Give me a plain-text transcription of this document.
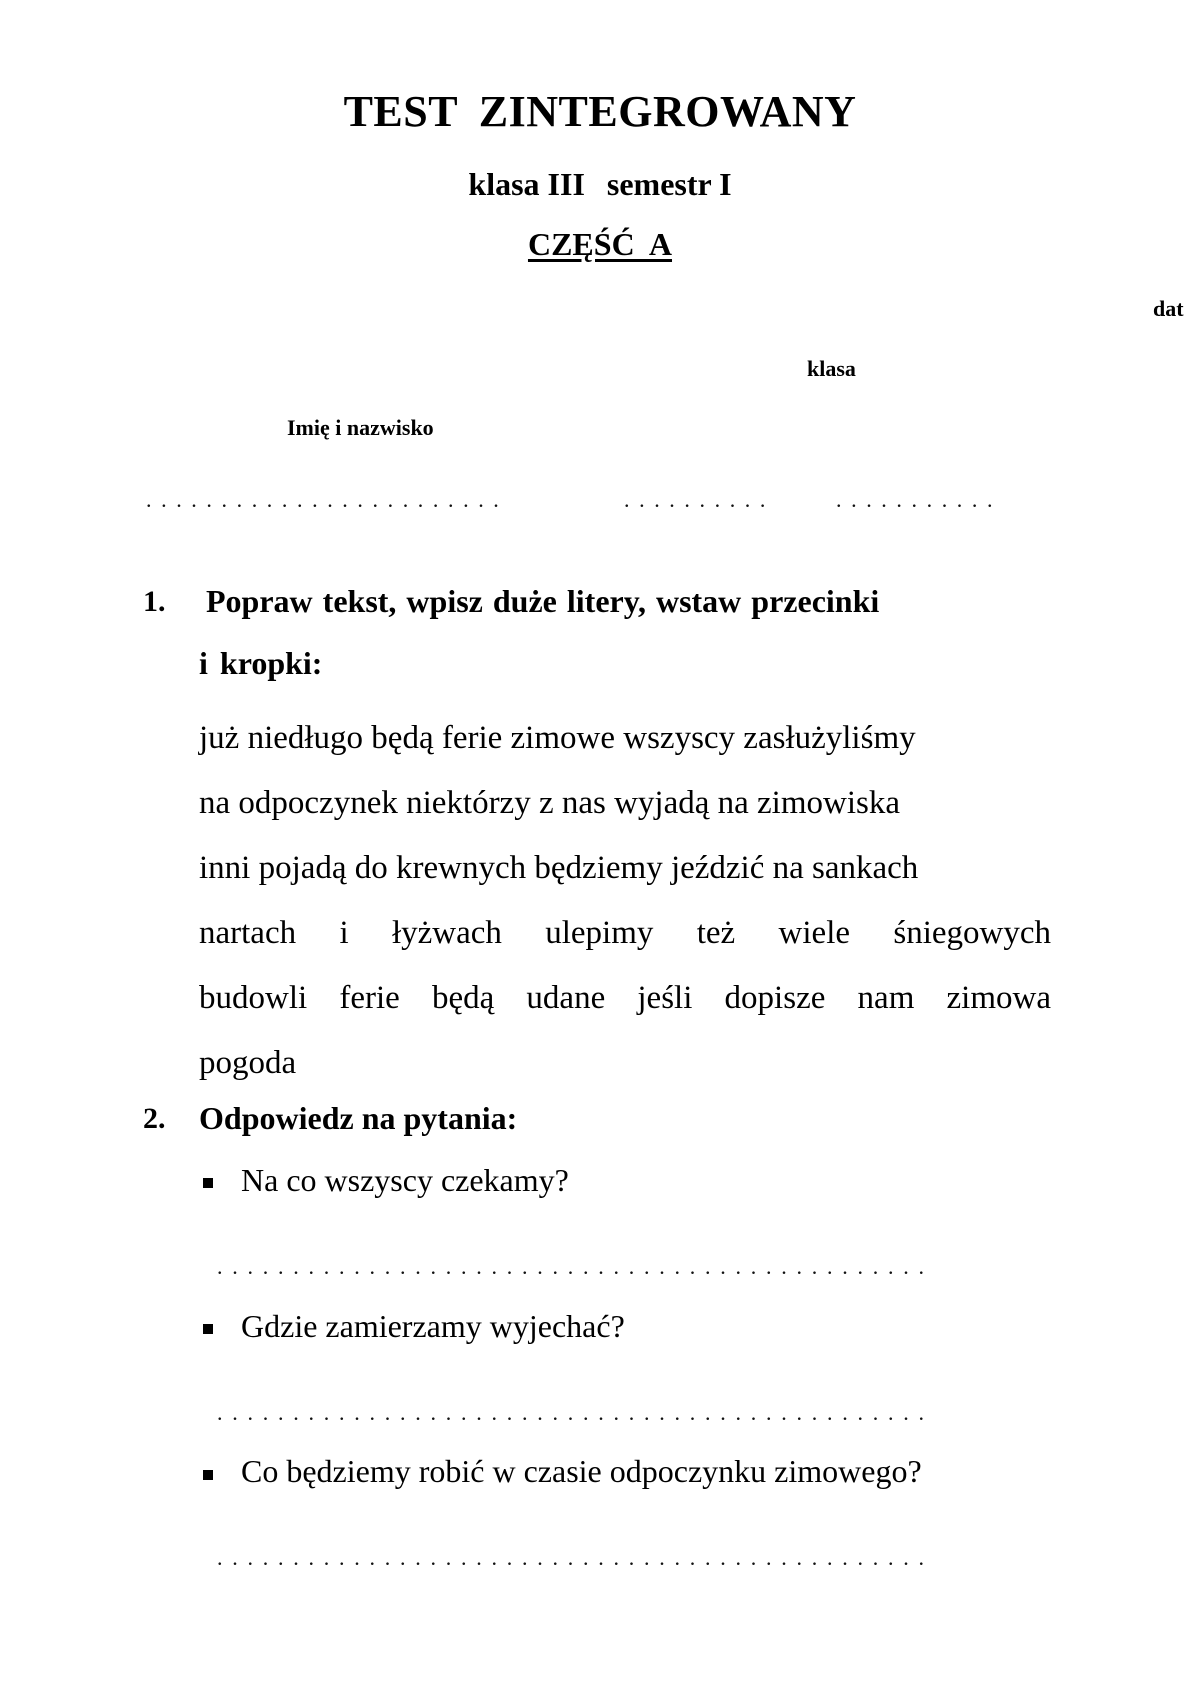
TEST ZINTEGROWANY
klasa III semestr I
CZĘŚĆ A
dat
klasa
Imię i nazwisko
........................	..........	...........
1. Popraw tekst, wpisz duże litery, wstaw przecinki
i kropki:
już niedługo będą ferie zimowe wszyscy zasłużyliśmy
na odpoczynek niektórzy z nas wyjadą na zimowiska
inni pojadą do krewnych będziemy jeździć na sankach
nartach i łyżwach ulepimy też wiele śniegowych
budowli ferie będą udane jeśli dopisze nam zimowa
pogoda
2. Odpowiedz na pytania:
Na co wszyscy czekamy?
...............................................
Gdzie zamierzamy wyjechać?
...............................................
Co będziemy robić w czasie odpoczynku zimowego?
...............................................
